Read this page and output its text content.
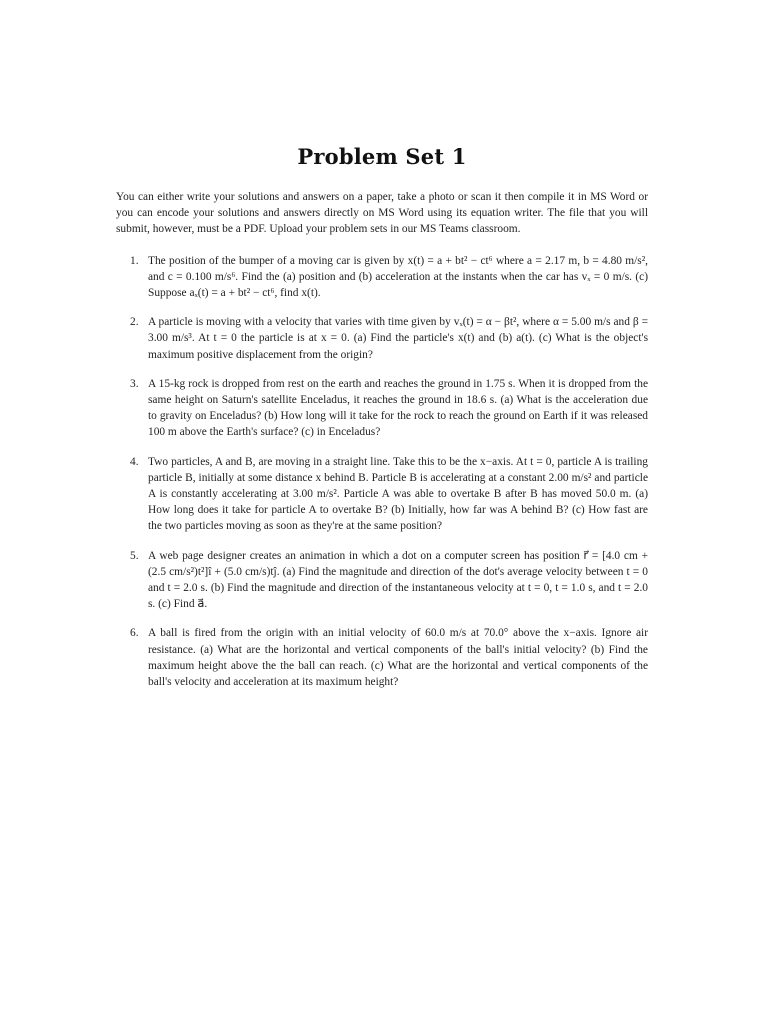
Problem Set 1

You can either write your solutions and answers on a paper, take a photo or scan it then compile it in MS Word or you can encode your solutions and answers directly on MS Word using its equation writer. The file that you will submit, however, must be a PDF. Upload your problem sets in our MS Teams classroom.

1. The position of the bumper of a moving car is given by x(t) = a + bt² − ct⁶ where a = 2.17 m, b = 4.80 m/s², and c = 0.100 m/s⁶. Find the (a) position and (b) acceleration at the instants when the car has vₓ = 0 m/s. (c) Suppose aₓ(t) = a + bt² − ct⁶, find x(t).
2. A particle is moving with a velocity that varies with time given by vₓ(t) = α − βt², where α = 5.00 m/s and β = 3.00 m/s³. At t = 0 the particle is at x = 0. (a) Find the particle's x(t) and (b) a(t). (c) What is the object's maximum positive displacement from the origin?
3. A 15-kg rock is dropped from rest on the earth and reaches the ground in 1.75 s. When it is dropped from the same height on Saturn's satellite Enceladus, it reaches the ground in 18.6 s. (a) What is the acceleration due to gravity on Enceladus? (b) How long will it take for the rock to reach the ground on Earth if it was released 100 m above the Earth's surface? (c) in Enceladus?
4. Two particles, A and B, are moving in a straight line. Take this to be the x−axis. At t = 0, particle A is trailing particle B, initially at some distance x behind B. Particle B is accelerating at a constant 2.00 m/s² and particle A is constantly accelerating at 3.00 m/s². Particle A was able to overtake B after B has moved 50.0 m. (a) How long does it take for particle A to overtake B? (b) Initially, how far was A behind B? (c) How fast are the two particles moving as soon as they're at the same position?
5. A web page designer creates an animation in which a dot on a computer screen has position r⃗ = [4.0 cm + (2.5 cm/s²)t²]î + (5.0 cm/s)tĵ. (a) Find the magnitude and direction of the dot's average velocity between t = 0 and t = 2.0 s. (b) Find the magnitude and direction of the instantaneous velocity at t = 0, t = 1.0 s, and t = 2.0 s. (c) Find a⃗.
6. A ball is fired from the origin with an initial velocity of 60.0 m/s at 70.0° above the x−axis. Ignore air resistance. (a) What are the horizontal and vertical components of the ball's initial velocity? (b) Find the maximum height above the the ball can reach. (c) What are the horizontal and vertical components of the ball's velocity and acceleration at its maximum height?
